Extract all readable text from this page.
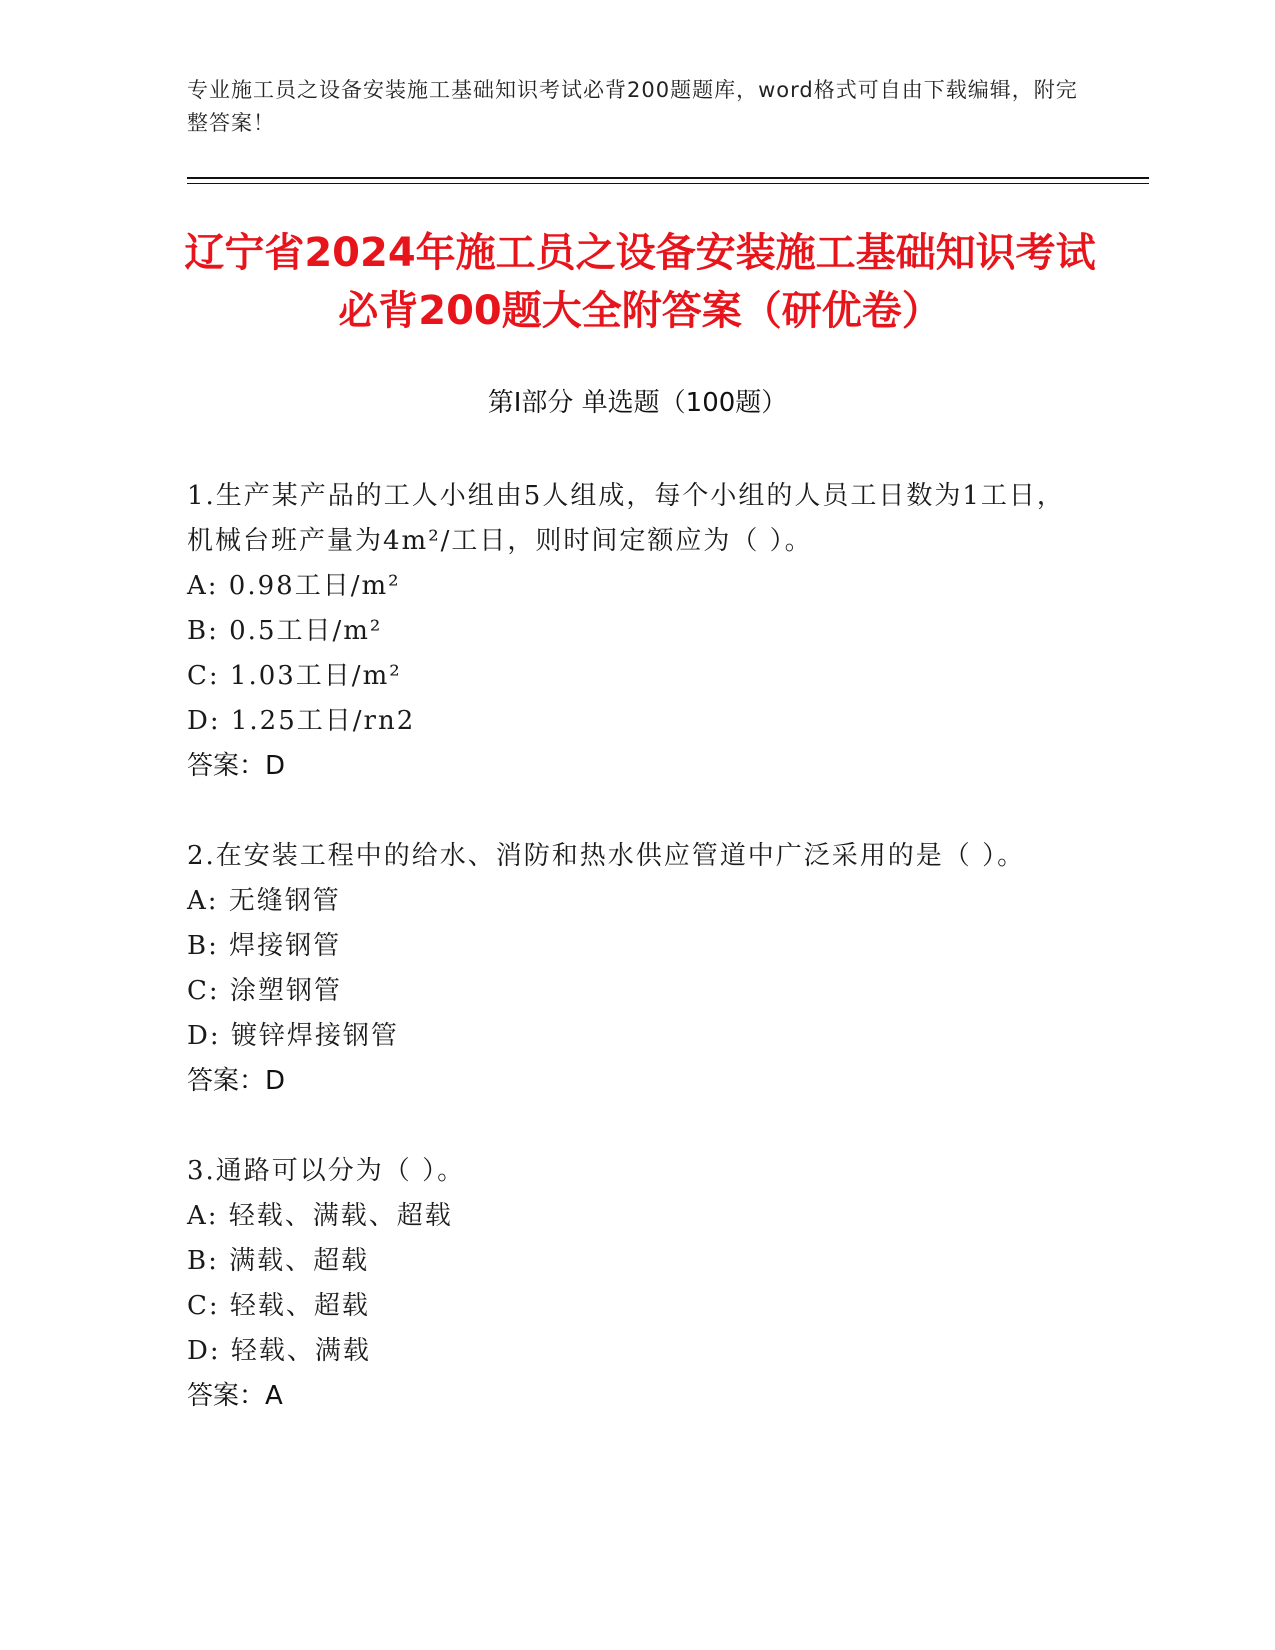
专业施工员之设备安装施工基础知识考试必背200题题库，word格式可自由下载编辑，附完整答案！
辽宁省2024年施工员之设备安装施工基础知识考试必背200题大全附答案（研优卷）
第Ⅰ部分 单选题（100题）

1.生产某产品的工人小组由5人组成，每个小组的人员工日数为1工日，机械台班产量为4m²/工日，则时间定额应为（ ）。

A: 0.98工日/m²

B: 0.5工日/m²

C: 1.03工日/m²

D: 1.25工日/rn2

答案：D

2.在安装工程中的给水、消防和热水供应管道中广泛采用的是（ ）。

A: 无缝钢管

B: 焊接钢管

C: 涂塑钢管

D: 镀锌焊接钢管

答案：D

3.通路可以分为（ ）。

A: 轻载、满载、超载

B: 满载、超载

C: 轻载、超载

D: 轻载、满载

答案：A
